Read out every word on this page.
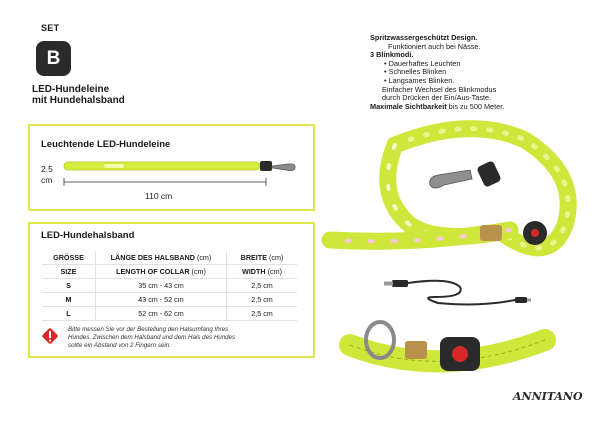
SET
B
LED-Hundeleine
mit Hundehalsband
Leuchtende LED-Hundeleine
2.5
cm
110 cm
LED-Hundehalsband
GRÖSSE	LÄNGE DES HALSBAND (cm)	BREITE (cm)
SIZE	LENGTH OF COLLAR (cm)	WIDTH (cm)
S	35 cm - 43 cm	2,5 cm
M	43 cm - 52 cm	2,5 cm
L	52 cm - 62 cm	2,5 cm
Bitte messen Sie vor der Bestellung den Halsumfang Ihres
Hundes. Zwischen dem Halsband und dem Hals des Hundes
sollte ein Abstand von 2 Fingern sein.
Spritzwassergeschützt Design.
Funktioniert auch bei Nässe.
3 Blinkmodi.
• Dauerhaftes Leuchten
• Schnelles Blinken
• Langsames Blinken.
Einfacher Wechsel des Blinkmodus
durch Drücken der Ein/Aus-Taste.
Maximale Sichtbarkeit bis zu 500 Meter.
ANNITANO
